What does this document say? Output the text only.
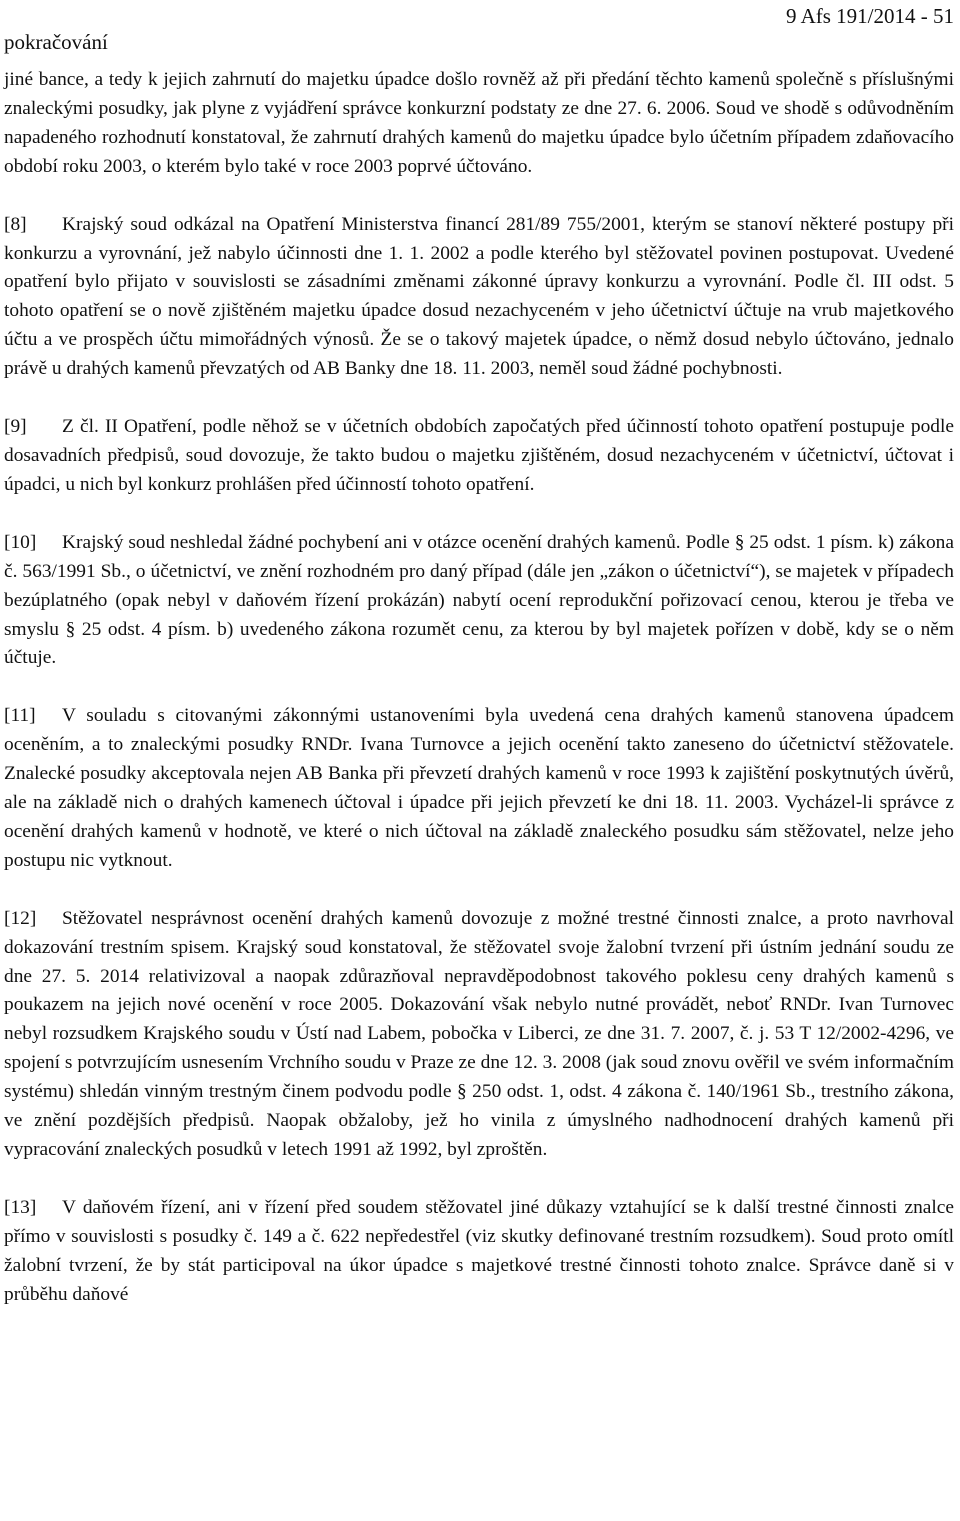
pokračování
9 Afs 191/2014 - 51

jiné bance, a tedy k jejich zahrnutí do majetku úpadce došlo rovněž až při předání těchto kamenů společně s příslušnými znaleckými posudky, jak plyne z vyjádření správce konkurzní podstaty ze dne 27. 6. 2006. Soud ve shodě s odůvodněním napadeného rozhodnutí konstatoval, že zahrnutí drahých kamenů do majetku úpadce bylo účetním případem zdaňovacího období roku 2003, o kterém bylo také v roce 2003 poprvé účtováno.

[8] Krajský soud odkázal na Opatření Ministerstva financí 281/89 755/2001, kterým se stanoví některé postupy při konkurzu a vyrovnání, jež nabylo účinnosti dne 1. 1. 2002 a podle kterého byl stěžovatel povinen postupovat. Uvedené opatření bylo přijato v souvislosti se zásadními změnami zákonné úpravy konkurzu a vyrovnání. Podle čl. III odst. 5 tohoto opatření se o nově zjištěném majetku úpadce dosud nezachyceném v jeho účetnictví účtuje na vrub majetkového účtu a ve prospěch účtu mimořádných výnosů. Že se o takový majetek úpadce, o němž dosud nebylo účtováno, jednalo právě u drahých kamenů převzatých od AB Banky dne 18. 11. 2003, neměl soud žádné pochybnosti.

[9] Z čl. II Opatření, podle něhož se v účetních obdobích započatých před účinností tohoto opatření postupuje podle dosavadních předpisů, soud dovozuje, že takto budou o majetku zjištěném, dosud nezachyceném v účetnictví, účtovat i úpadci, u nich byl konkurz prohlášen před účinností tohoto opatření.

[10] Krajský soud neshledal žádné pochybení ani v otázce ocenění drahých kamenů. Podle § 25 odst. 1 písm. k) zákona č. 563/1991 Sb., o účetnictví, ve znění rozhodném pro daný případ (dále jen „zákon o účetnictví“), se majetek v případech bezúplatného (opak nebyl v daňovém řízení prokázán) nabytí ocení reprodukční pořizovací cenou, kterou je třeba ve smyslu § 25 odst. 4 písm. b) uvedeného zákona rozumět cenu, za kterou by byl majetek pořízen v době, kdy se o něm účtuje.

[11] V souladu s citovanými zákonnými ustanoveními byla uvedená cena drahých kamenů stanovena úpadcem oceněním, a to znaleckými posudky RNDr. Ivana Turnovce a jejich ocenění takto zaneseno do účetnictví stěžovatele. Znalecké posudky akceptovala nejen AB Banka při převzetí drahých kamenů v roce 1993 k zajištění poskytnutých úvěrů, ale na základě nich o drahých kamenech účtoval i úpadce při jejich převzetí ke dni 18. 11. 2003. Vycházel-li správce z ocenění drahých kamenů v hodnotě, ve které o nich účtoval na základě znaleckého posudku sám stěžovatel, nelze jeho postupu nic vytknout.

[12] Stěžovatel nesprávnost ocenění drahých kamenů dovozuje z možné trestné činnosti znalce, a proto navrhoval dokazování trestním spisem. Krajský soud konstatoval, že stěžovatel svoje žalobní tvrzení při ústním jednání soudu ze dne 27. 5. 2014 relativizoval a naopak zdůrazňoval nepravděpodobnost takového poklesu ceny drahých kamenů s poukazem na jejich nové ocenění v roce 2005. Dokazování však nebylo nutné provádět, neboť RNDr. Ivan Turnovec nebyl rozsudkem Krajského soudu v Ústí nad Labem, pobočka v Liberci, ze dne 31. 7. 2007, č. j. 53 T 12/2002-4296, ve spojení s potvrzujícím usnesením Vrchního soudu v Praze ze dne 12. 3. 2008 (jak soud znovu ověřil ve svém informačním systému) shledán vinným trestným činem podvodu podle § 250 odst. 1, odst. 4 zákona č. 140/1961 Sb., trestního zákona, ve znění pozdějších předpisů. Naopak obžaloby, jež ho vinila z úmyslného nadhodnocení drahých kamenů při vypracování znaleckých posudků v letech 1991 až 1992, byl zproštěn.

[13] V daňovém řízení, ani v řízení před soudem stěžovatel jiné důkazy vztahující se k další trestné činnosti znalce přímo v souvislosti s posudky č. 149 a č. 622 nepředestřel (viz skutky definované trestním rozsudkem). Soud proto omítl žalobní tvrzení, že by stát participoval na úkor úpadce s majetkové trestné činnosti tohoto znalce. Správce daně si v průběhu daňové
